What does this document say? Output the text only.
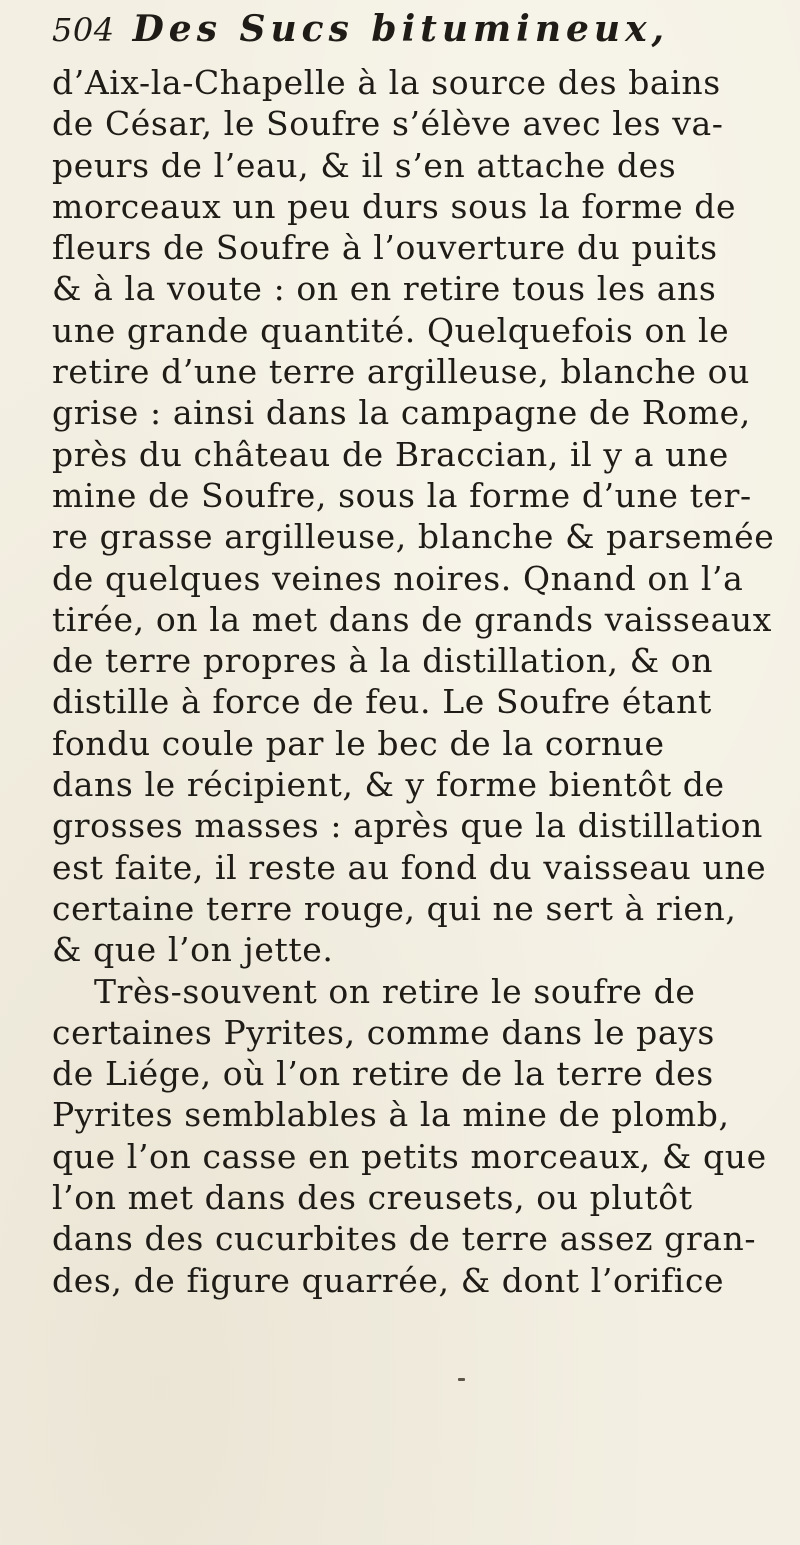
504 Des Sucs bitumineux,
d’Aix-la-Chapelle à la source des bains
de César, le Soufre s’élève avec les va-
peurs de l’eau, & il s’en attache des
morceaux un peu durs sous la forme de
fleurs de Soufre à l’ouverture du puits
& à la voute : on en retire tous les ans
une grande quantité. Quelquefois on le
retire d’une terre argilleuse, blanche ou
grise : ainsi dans la campagne de Rome,
près du château de Braccian, il y a une
mine de Soufre, sous la forme d’une ter-
re grasse argilleuse, blanche & parsemée
de quelques veines noires. Qnand on l’a
tirée, on la met dans de grands vaisseaux
de terre propres à la distillation, & on
distille à force de feu. Le Soufre étant
fondu coule par le bec de la cornue
dans le récipient, & y forme bientôt de
grosses masses : après que la distillation
est faite, il reste au fond du vaisseau une
certaine terre rouge, qui ne sert à rien,
& que l’on jette.
Très-souvent on retire le soufre de
certaines Pyrites, comme dans le pays
de Liége, où l’on retire de la terre des
Pyrites semblables à la mine de plomb,
que l’on casse en petits morceaux, & que
l’on met dans des creusets, ou plutôt
dans des cucurbites de terre assez gran-
des, de figure quarrée, & dont l’orifice
